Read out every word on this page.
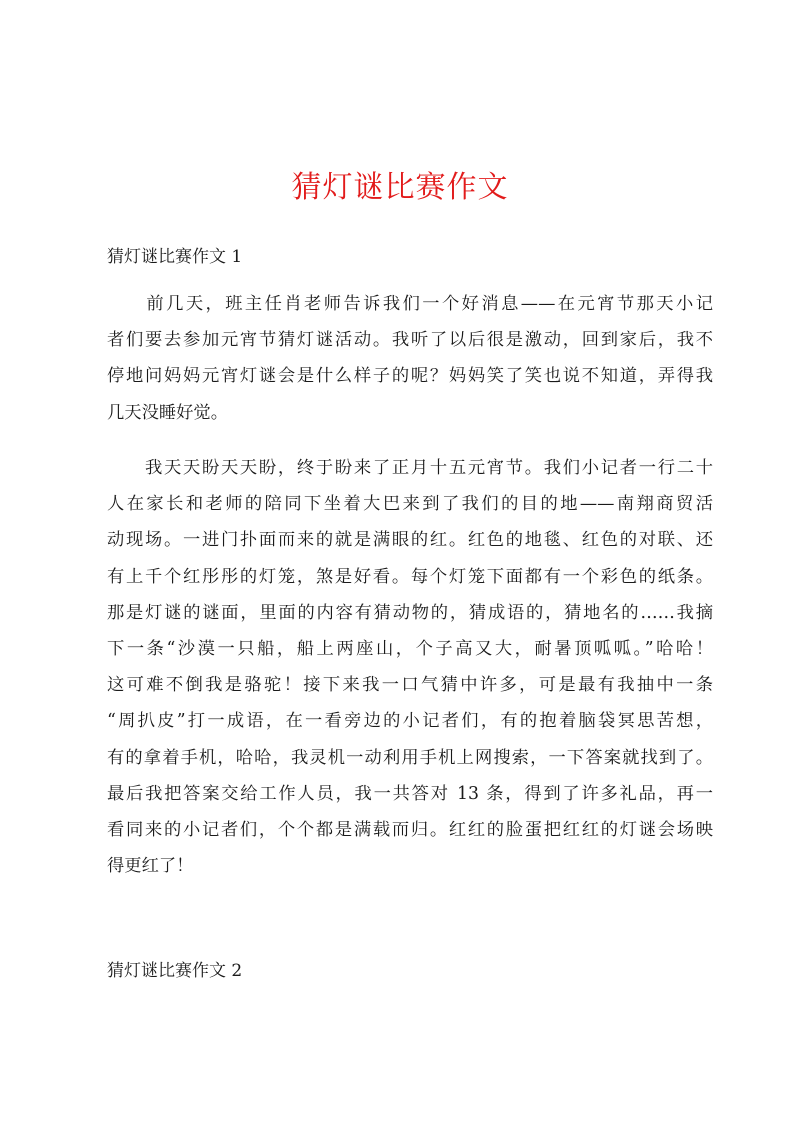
猜灯谜比赛作文
猜灯谜比赛作文 1
　　前几天，班主任肖老师告诉我们一个好消息——在元宵节那天小记
者们要去参加元宵节猜灯谜活动。我听了以后很是激动，回到家后，我不
停地问妈妈元宵灯谜会是什么样子的呢？妈妈笑了笑也说不知道，弄得我
几天没睡好觉。
　　我天天盼天天盼，终于盼来了正月十五元宵节。我们小记者一行二十
人在家长和老师的陪同下坐着大巴来到了我们的目的地——南翔商贸活
动现场。一进门扑面而来的就是满眼的红。红色的地毯、红色的对联、还
有上千个红彤彤的灯笼，煞是好看。每个灯笼下面都有一个彩色的纸条。
那是灯谜的谜面，里面的内容有猜动物的，猜成语的，猜地名的……我摘
下一条“沙漠一只船，船上两座山，个子高又大，耐暑顶呱呱。”哈哈！
这可难不倒我是骆驼！接下来我一口气猜中许多，可是最有我抽中一条
“周扒皮”打一成语，在一看旁边的小记者们，有的抱着脑袋冥思苦想，
有的拿着手机，哈哈，我灵机一动利用手机上网搜索，一下答案就找到了。
最后我把答案交给工作人员，我一共答对 13 条，得到了许多礼品，再一
看同来的小记者们，个个都是满载而归。红红的脸蛋把红红的灯谜会场映
得更红了！
猜灯谜比赛作文 2
